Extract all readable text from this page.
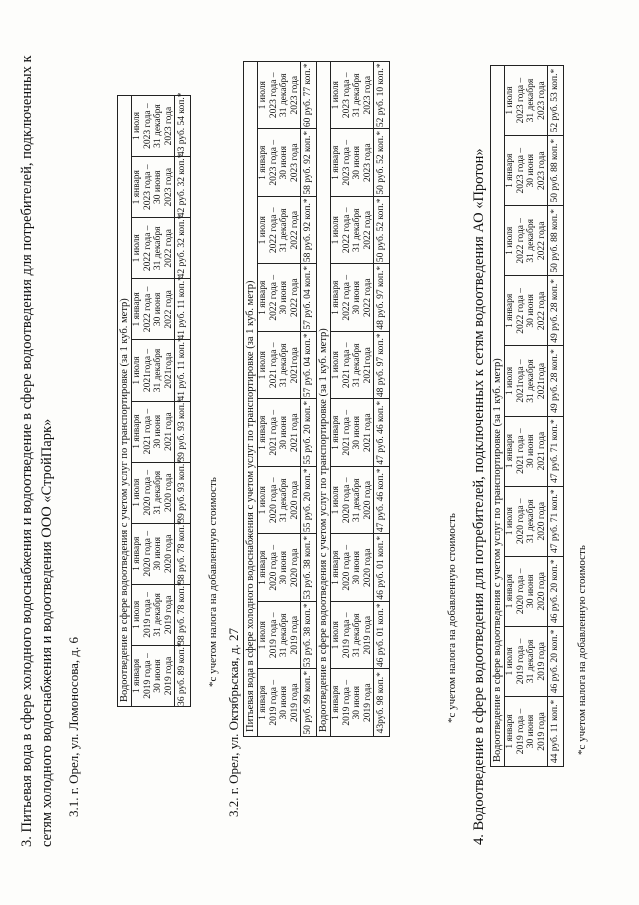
3. Питьевая вода в сфере холодного водоснабжения и водоотведение в сфере водоотведения для потребителей, подключенных к сетям холодного водоснабжения и водоотведения ООО «СтройПарк» 3.1. г. Орел, ул. Ломоносова, д. 6
Водоотведение в сфере водоотведения с учетом услуг по транспортировке (за 1 куб. метр)									

1 января 2019 года – 30 июня 2019 года	1 июля 2019 года – 31 декабря 2019 года	1 января 2020 года – 30 июня 2020 года	1 июля 2020 года – 31 декабря 2020 года	1 января 2021 года – 30 июня 2021 года	1 июля 2021года – 31 декабря 2021года	1 января 2022 года – 30 июня 2022 года	1 июля 2022 года – 31 декабря 2022 года	1 января 2023 года – 30 июня 2023 года	1 июля 2023 года – 31 декабря 2023 года

36 руб. 89 коп.*	38 руб. 78 коп.*	38 руб. 78 коп.*	39 руб. 93 коп.*	39 руб. 93 коп.*	41 руб. 11 коп.*	41 руб. 11 коп.*	42 руб. 32 коп.*	42 руб. 32 коп.*	43 руб. 54 коп.*
*с учетом налога на добавленную стоимость
3.2. г. Орел, ул. Октябрьская, д. 27 Питьевая вода в сфере холодного водоснабжения с учетом услуг по транспортировке (за 1 куб. метр)									

1 января 2019 года – 30 июня 2019 года	1 июля 2019 года – 31 декабря 2019 года	1 января 2020 года – 30 июня 2020 года	1 июля 2020 года – 31 декабря 2020 года	1 января 2021 года – 30 июня 2021 года	1 июля 2021 года – 31 декабря 2021года	1 января 2022 года – 30 июня 2022 года	1 июля 2022 года – 31 декабря 2022 года	1 января 2023 года – 30 июня 2023 года	1 июля 2023 года – 31 декабря 2023 года

50 руб. 99 коп.*	53 руб. 38 коп.*	53 руб. 38 коп.*	55 руб. 20 коп.*	55 руб. 20 коп.*	57 руб. 04 коп.*	57 руб. 04 коп.*	58 руб. 92 коп.*	58 руб. 92 коп.*	60 руб. 77 коп.*
Водоотведение в сфере водоотведения с учетом услуг по транспортировке (за 1 куб. метр)									

1 января 2019 года – 30 июня 2019 года	1 июля 2019 года – 31 декабря 2019 года	1 января 2020 года – 30 июня 2020 года	1 июля 2020 года – 31 декабря 2020 года	1 января 2021 года – 30 июня 2021 года	1 июля 2021 года – 31 декабря 2021года	1 января 2022 года – 30 июня 2022 года	1 июля 2022 года – 31 декабря 2022 года	1 января 2023 года – 30 июня 2023 года	1 июля 2023 года – 31 декабря 2023 года

43руб. 98 коп.*	46 руб. 01 коп.*	46 руб. 01 коп.*	47 руб. 46 коп.*	47 руб. 46 коп.*	48 руб. 97 коп.*	48 руб. 97 коп.*	50 руб. 52 коп.*	50 руб. 52 коп.*	52 руб. 10 коп.*
*с учетом налога на добавленную стоимость 4. Водоотведение в сфере водоотведения для потребителей, подключенных к сетям водоотведения АО «Протон» Водоотведение в сфере водоотведения с учетом услуг по транспортировке (за 1 куб. метр)									

1 января 2019 года – 30 июня 2019 года	1 июля 2019 года – 31 декабря 2019 года	1 января 2020 года – 30 июня 2020 года	1 июля 2020 года – 31 декабря 2020 года	1 января 2021 года – 30 июня 2021 года	1 июля 2021года – 31 декабря 2021года	1 января 2022 года – 30 июня 2022 года	1 июля 2022 года – 31 декабря 2022 года	1 января 2023 года – 30 июня 2023 года	1 июля 2023 года – 31 декабря 2023 года

44 руб. 11 коп.*	46 руб. 20 коп.*	46 руб. 20 коп.*	47 руб. 71 коп.*	47 руб. 71 коп.*	49 руб. 28 коп.*	49 руб. 28 коп.*	50 руб. 88 коп.*	50 руб. 88 коп.*	52 руб. 53 коп.*
*с учетом налога на добавленную стоимость
